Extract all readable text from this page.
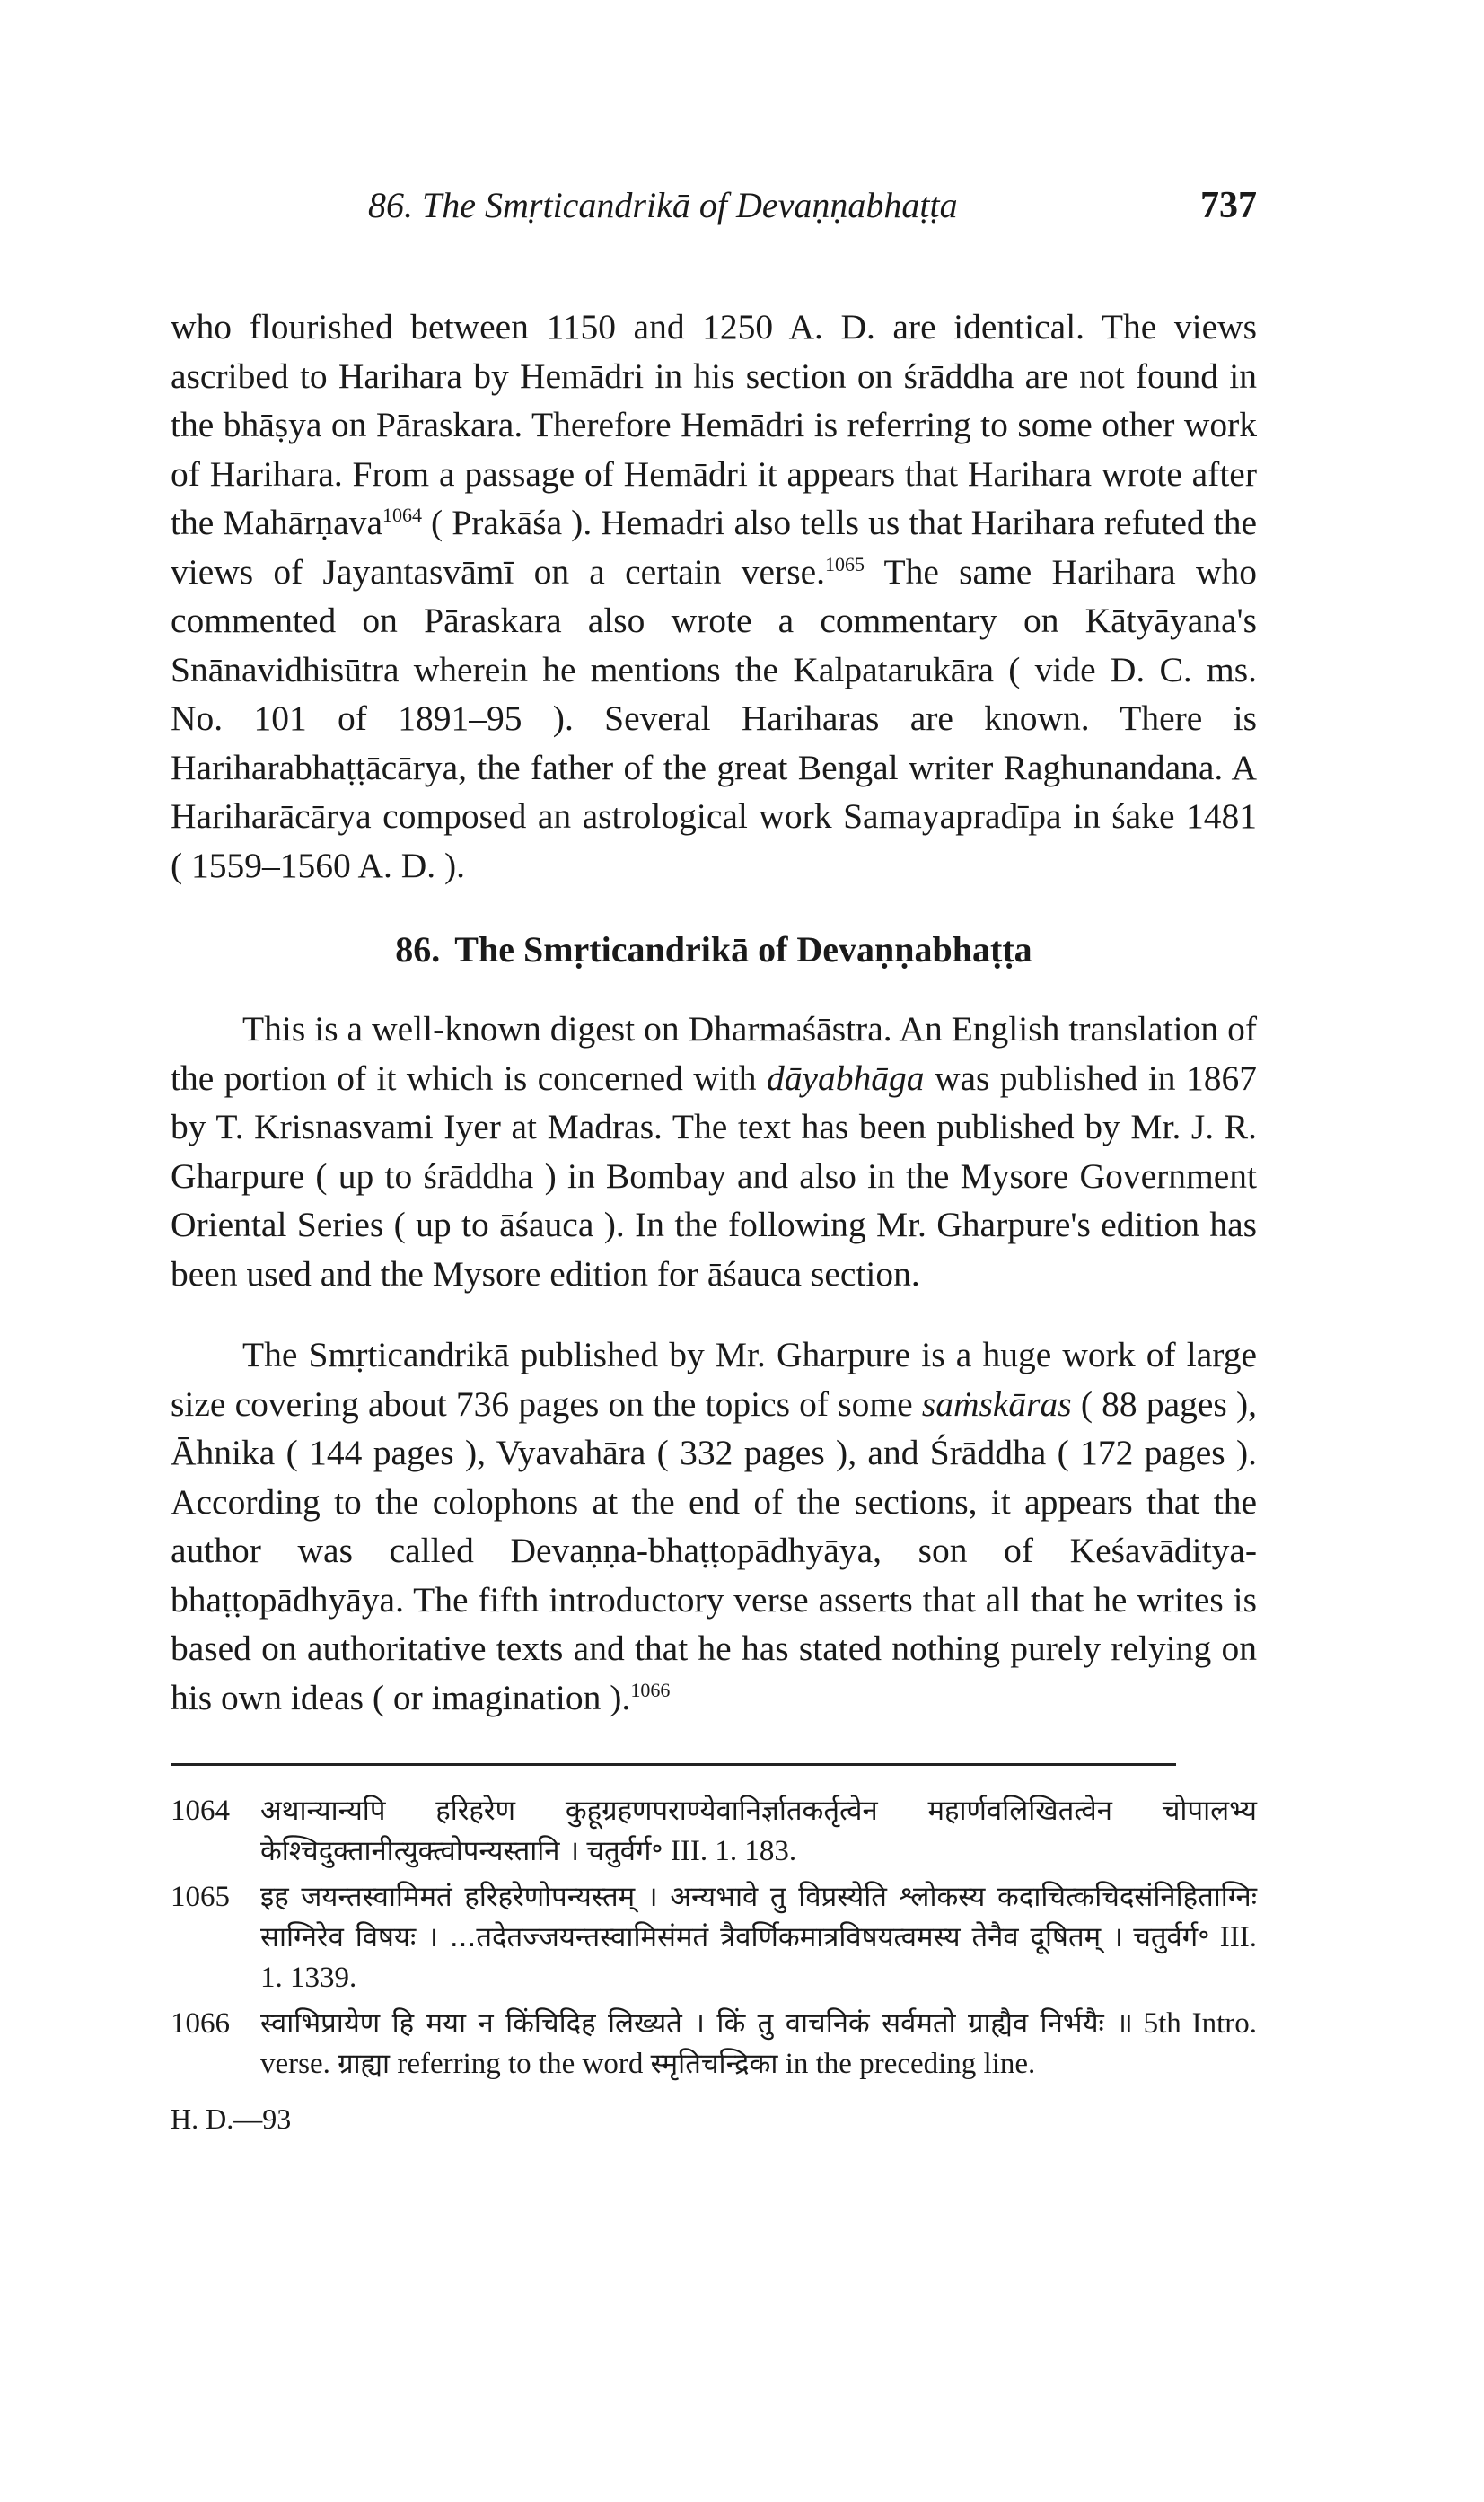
86. The Smṛticandrikā of Devaṇṇabhaṭṭa	737

who flourished between 1150 and 1250 A. D. are identical. The views ascribed to Harihara by Hemādri in his section on śrāddha are not found in the bhāṣya on Pāraskara. Therefore Hemādri is referring to some other work of Harihara. From a passage of Hemādri it appears that Harihara wrote after the Mahārṇava$^{1064}$ ( Prakāśa ). Hemadri also tells us that Harihara refuted the views of Jayantasvāmī on a certain verse.$^{1065}$ The same Harihara who commented on Pāraskara also wrote a commentary on Kātyāyana's Snānavidhisūtra wherein he mentions the Kalpatarukāra ( vide D. C. ms. No. 101 of 1891–95 ). Several Hariharas are known. There is Hariharabhaṭṭācārya, the father of the great Bengal writer Raghunandana. A Hariharācārya composed an astrological work Samayapradīpa in śake 1481 ( 1559–1560 A. D. ).

86. The Smṛticandrikā of Devaṇṇabhaṭṭa

This is a well-known digest on Dharmaśāstra. An English translation of the portion of it which is concerned with dāyabhāga was published in 1867 by T. Krisnasvami Iyer at Madras. The text has been published by Mr. J. R. Gharpure ( up to śrāddha ) in Bombay and also in the Mysore Government Oriental Series ( up to āśauca ). In the following Mr. Gharpure's edition has been used and the Mysore edition for āśauca section.

The Smṛticandrikā published by Mr. Gharpure is a huge work of large size covering about 736 pages on the topics of some saṁskāras ( 88 pages ), Āhnika ( 144 pages ), Vyavahāra ( 332 pages ), and Śrāddha ( 172 pages ). According to the colophons at the end of the sections, it appears that the author was called Devaṇṇa-bhaṭṭopādhyāya, son of Keśavāditya-bhaṭṭopādhyāya. The fifth introductory verse asserts that all that he writes is based on authoritative texts and that he has stated nothing purely relying on his own ideas ( or imagination ).$^{1066}$

1064	अथान्यान्यपि हरिहरेण कुहूग्रहणपराण्येवानिर्ज्ञातकर्तृत्वेन महार्णवलिखितत्वेन चोपालभ्य केश्चिदुक्तानीत्युक्त्वोपन्यस्तानि । चतुर्वर्ग॰ III. 1. 183.
1065	इह जयन्तस्वामिमतं हरिहरेणोपन्यस्तम् । अन्यभावे तु विप्रस्येति श्लोकस्य कदाचित्कचिदसंनिहिताग्निः साग्निरेव विषयः । ...तदेतज्जयन्तस्वामिसंमतं त्रैवर्णिकमात्रविषयत्वमस्य तेनैव दूषितम् । चतुर्वर्ग॰ III. 1. 1339.
1066	स्वाभिप्रायेण हि मया न किंचिदिह लिख्यते । किं तु वाचनिकं सर्वमतो ग्राह्यैव निर्भयैः ॥ 5th Intro. verse. ग्राह्या referring to the word स्मृतिचन्द्रिका in the preceding line.
H. D.—93
